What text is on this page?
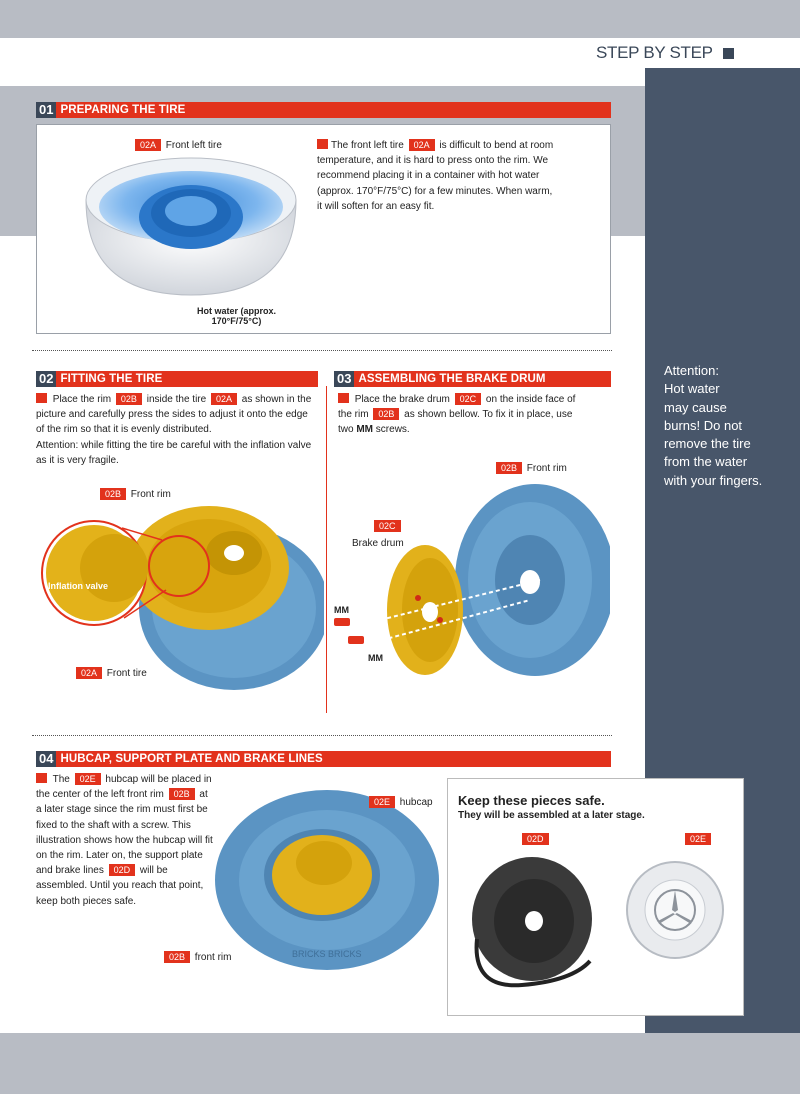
STEP BY STEP
Attention:
Hot water
may cause
burns! Do not
remove the tire
from the water
with your fingers.
01 PREPARING THE TIRE
02A Front left tire
Hot water (approx.
170°F/75°C)
The front left tire 02A is difficult to bend at room temperature, and it is hard to press onto the rim. We recommend placing it in a container with hot water (approx. 170°F/75°C) for a few minutes. When warm, it will soften for an easy fit.
02 FITTING THE TIRE
Place the rim 02B inside the tire 02A as shown in the picture and carefully press the sides to adjust it onto the edge of the rim so that it is evenly distributed.
Attention: while fitting the tire be careful with the inflation valve as it is very fragile.
Inflation valve
02B Front rim
02A Front tire
03 ASSEMBLING THE BRAKE DRUM
Place the brake drum 02C on the inside face of the rim 02B as shown bellow. To fix it in place, use two MM screws.
02B Front rim
02C
Brake drum
MM
MM
04 HUBCAP, SUPPORT PLATE AND BRAKE LINES
The 02E hubcap will be placed in the center of the left front rim 02B at a later stage since the rim must first be fixed to the shaft with a screw. This illustration shows how the hubcap will fit on the rim. Later on, the support plate and brake lines 02D will be assembled. Until you reach that point, keep both pieces safe.
BRICKS BRICKS
02E hubcap
02B front rim
Keep these pieces safe.
They will be assembled at a later stage.
02D	02E
